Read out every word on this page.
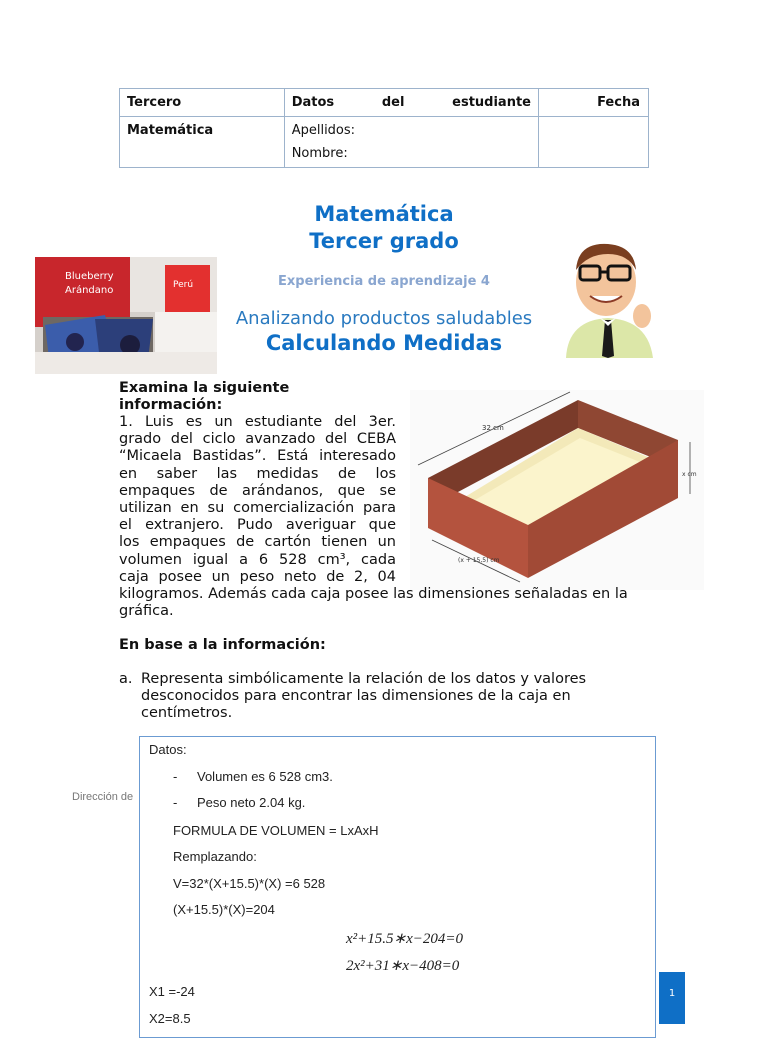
Tercero	Datos del estudiante	Fecha

Matemática	Apellidos:
Nombre:	

Matemática
Tercer grado
Experiencia de aprendizaje 4
Analizando productos saludables
Calculando Medidas
Blueberry
Arándano	Perú
32 cm
x cm
(x + 15,5) cm
Examina la siguiente información:
1. Luis es un estudiante del 3er.
grado del ciclo avanzado del CEBA
“Micaela Bastidas”. Está interesado
en saber las medidas de los
empaques de arándanos, que se
utilizan en su comercialización para
el extranjero. Pudo averiguar que
los empaques de cartón tienen un
volumen igual a 6 528 cm³, cada
caja posee un peso neto de 2, 04
kilogramos. Además cada caja posee las dimensiones señaladas en la gráfica.
En base a la información:
a. Representa simbólicamente la relación de los datos y valores desconocidos para encontrar las dimensiones de la caja en centímetros.
Dirección de
Datos:
- Volumen es 6 528 cm3.
- Peso neto 2.04 kg.
FORMULA DE VOLUMEN = LxAxH
Remplazando:
V=32*(X+15.5)*(X) =6 528
(X+15.5)*(X)=204
x²+15.5∗x−204=0
2x²+31∗x−408=0
X1 =-24
X2=8.5
1
